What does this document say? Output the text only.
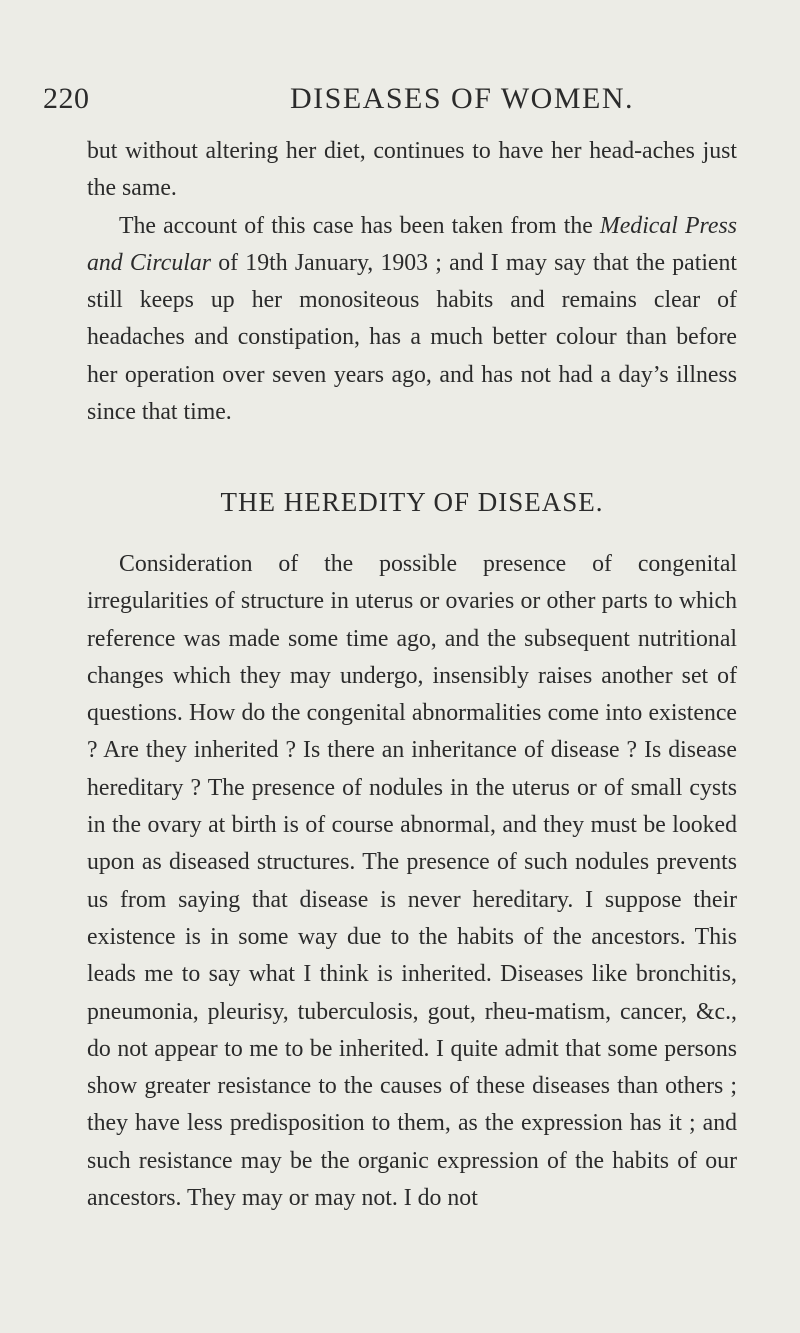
220	DISEASES OF WOMEN.

but without altering her diet, continues to have her head-aches just the same.

The account of this case has been taken from the Medical Press and Circular of 19th January, 1903 ; and I may say that the patient still keeps up her monositeous habits and remains clear of headaches and constipation, has a much better colour than before her operation over seven years ago, and has not had a day’s illness since that time.

THE HEREDITY OF DISEASE.

Consideration of the possible presence of congenital irregularities of structure in uterus or ovaries or other parts to which reference was made some time ago, and the subsequent nutritional changes which they may undergo, insensibly raises another set of questions. How do the congenital abnormalities come into existence ? Are they inherited ? Is there an inheritance of disease ? Is disease hereditary ? The presence of nodules in the uterus or of small cysts in the ovary at birth is of course abnormal, and they must be looked upon as diseased structures. The presence of such nodules prevents us from saying that disease is never hereditary. I suppose their existence is in some way due to the habits of the ancestors. This leads me to say what I think is inherited. Diseases like bronchitis, pneumonia, pleurisy, tuberculosis, gout, rheu-matism, cancer, &c., do not appear to me to be inherited. I quite admit that some persons show greater resistance to the causes of these diseases than others ; they have less predisposition to them, as the expression has it ; and such resistance may be the organic expression of the habits of our ancestors. They may or may not. I do not
